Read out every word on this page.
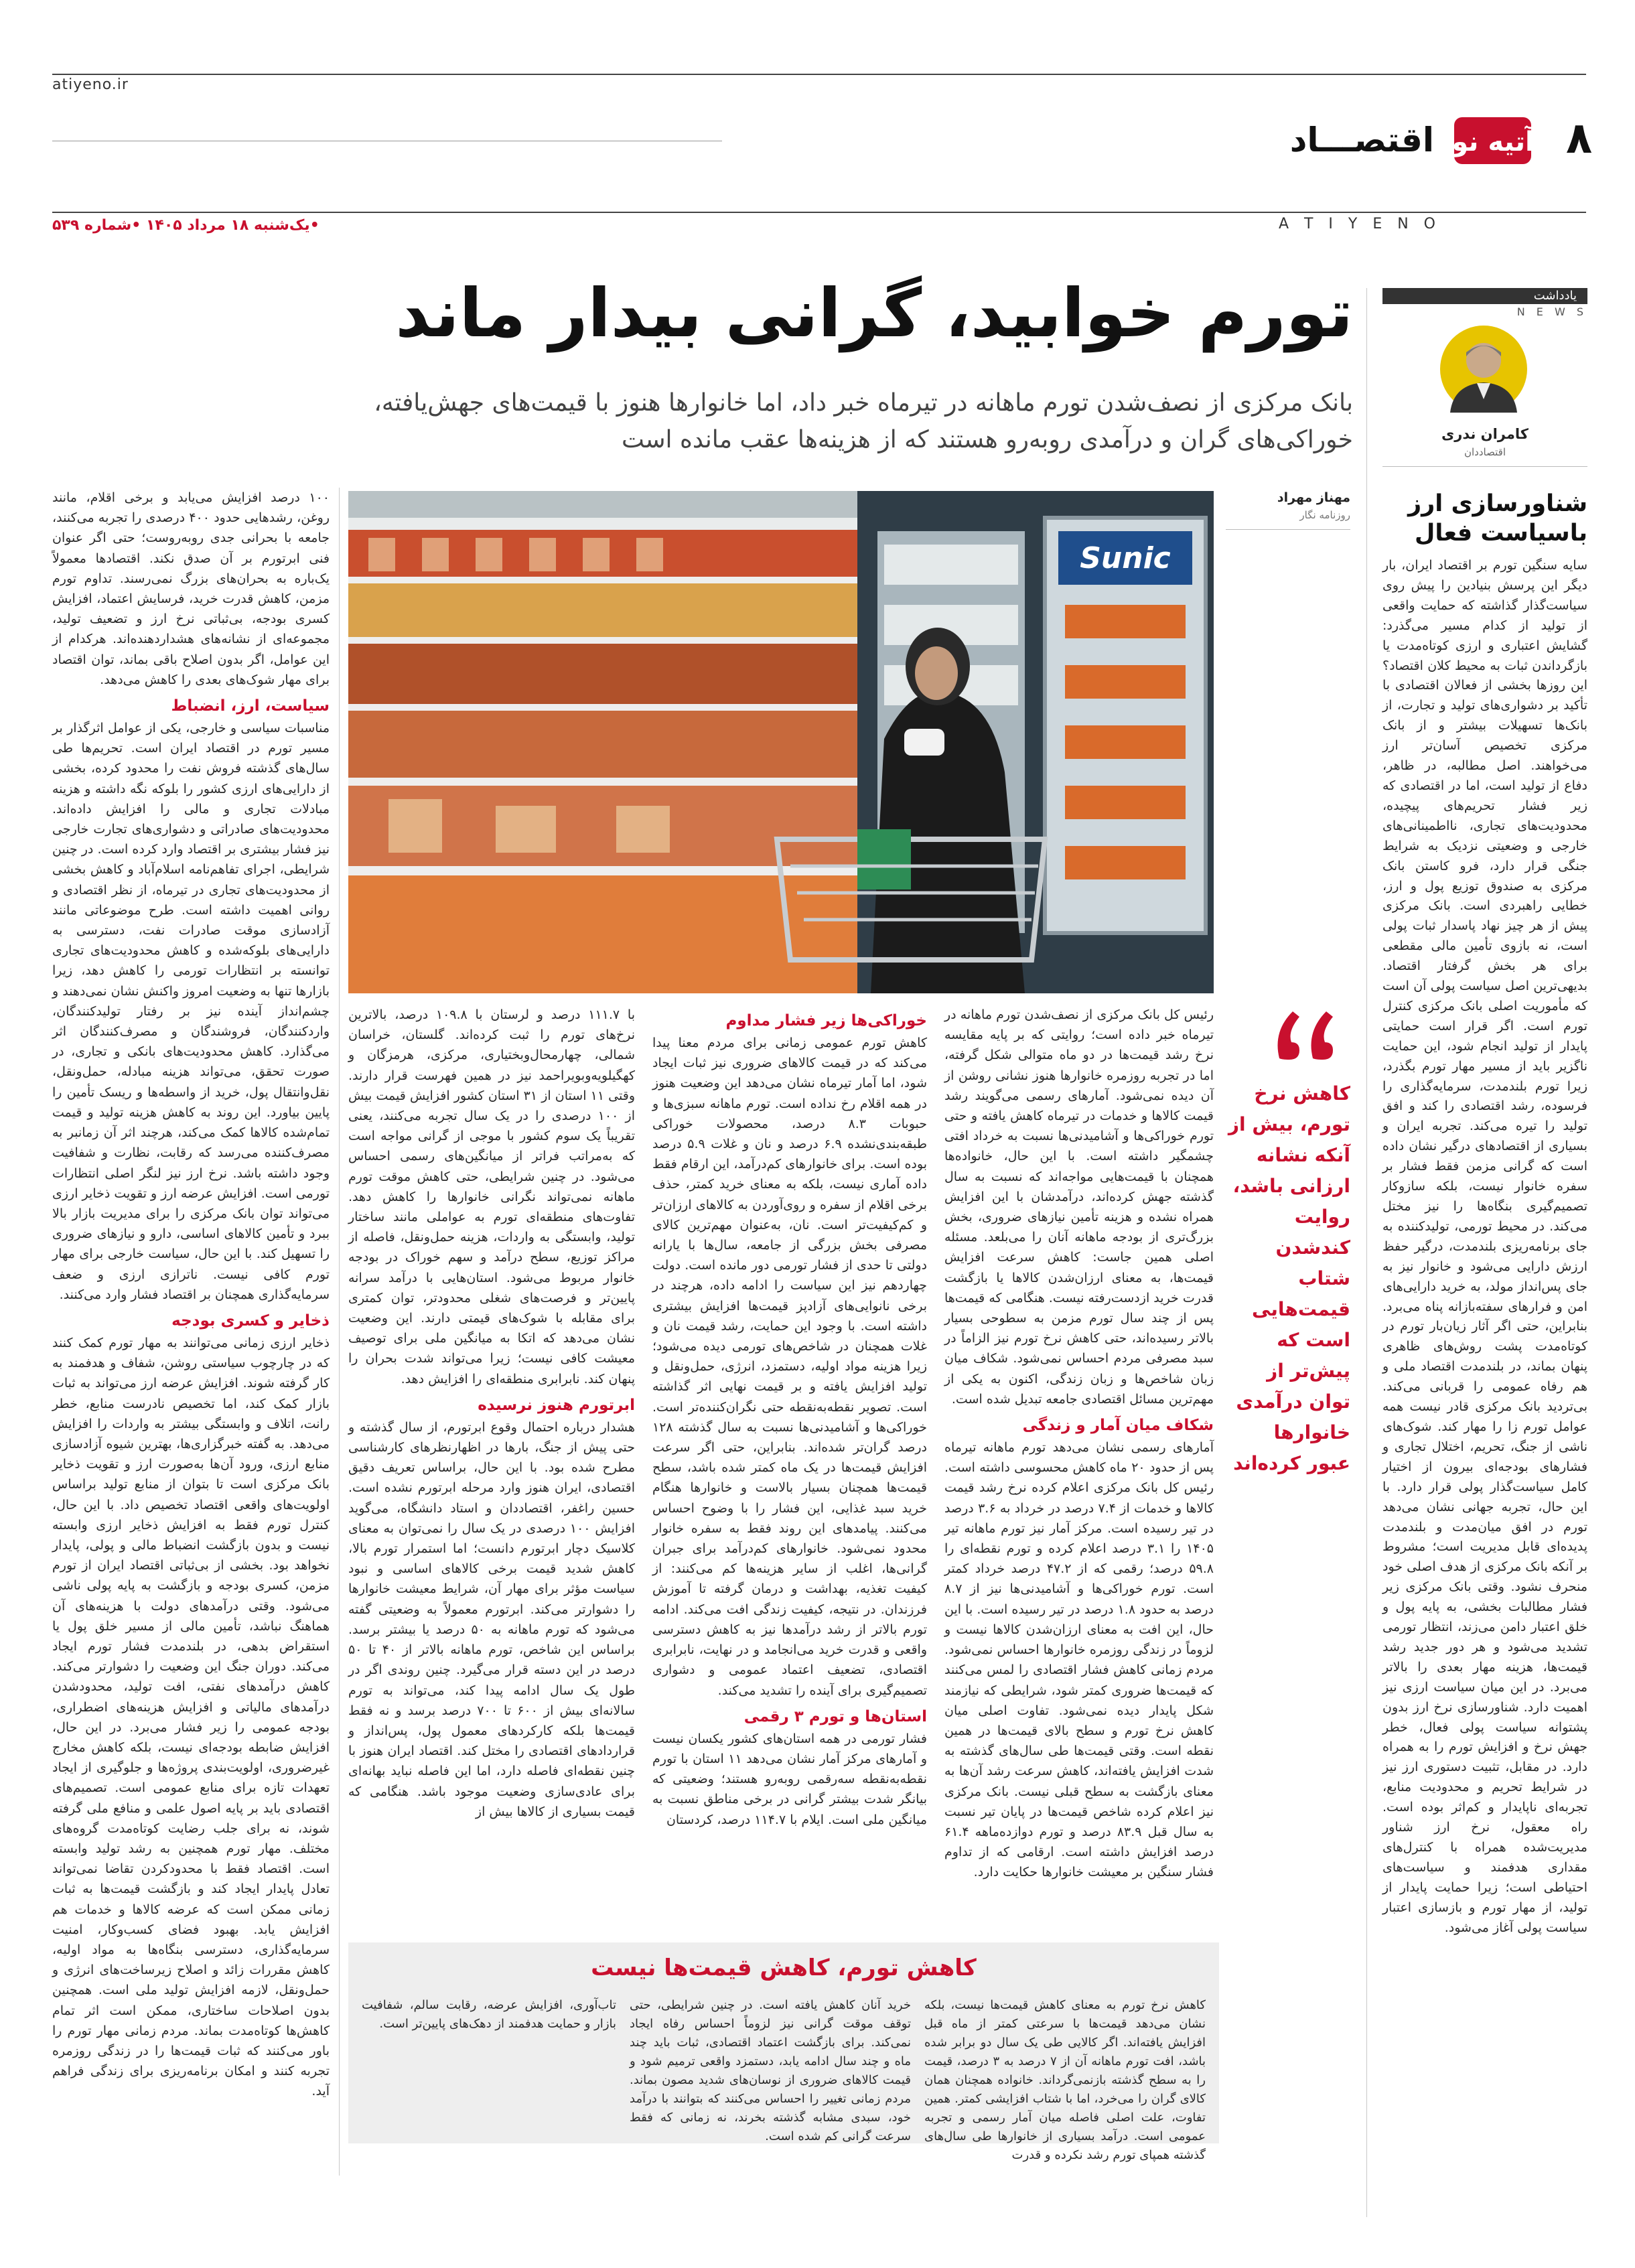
atiyeno.ir
۸
آتیه نو
اقتصـــاد
A T I Y E N O
•یک‌شنبه ۱۸ مرداد ۱۴۰۵ •شماره ۵۳۹
یادداشت
N E W S
کامران ندری
اقتصاددان
شناورسازی ارز
باسیاست فعال
سایه سنگین تورم بر اقتصاد ایران، بار دیگر این پرسش بنیادین را پیش روی سیاست‌گذار گذاشته که حمایت واقعی از تولید از کدام مسیر می‌گذرد: گشایش اعتباری و ارزی کوتاه‌مدت یا بازگرداندن ثبات به محیط کلان اقتصاد؟ این روزها بخشی از فعالان اقتصادی با تأکید بر دشواری‌های تولید و تجارت، از بانک‌ها تسهیلات بیشتر و از بانک مرکزی تخصیص آسان‌تر ارز می‌خواهند. اصل مطالبه، در ظاهر، دفاع از تولید است، اما در اقتصادی که زیر فشار تحریم‌های پیچیده، محدودیت‌های تجاری، نااطمینانی‌های خارجی و وضعیتی نزدیک به شرایط جنگی قرار دارد، فرو کاستن بانک مرکزی به صندوق توزیع پول و ارز، خطایی راهبردی است. بانک مرکزی پیش از هر چیز نهاد پاسدار ثبات پولی است، نه بازوی تأمین مالی مقطعی برای هر بخش گرفتار اقتصاد. بدیهی‌ترین اصل سیاست پولی آن است که مأموریت اصلی بانک مرکزی کنترل تورم است. اگر قرار است حمایتی پایدار از تولید انجام شود، این حمایت ناگزیر باید از مسیر مهار تورم بگذرد، زیرا تورم بلندمدت، سرمایه‌گذاری را فرسوده، رشد اقتصادی را کند و افق تولید را تیره می‌کند. تجربه ایران و بسیاری از اقتصادهای درگیر نشان داده است که گرانی مزمن فقط فشار بر سفره خانوار نیست، بلکه سازوکار تصمیم‌گیری بنگاه‌ها را نیز مختل می‌کند. در محیط تورمی، تولیدکننده به جای برنامه‌ریزی بلندمدت، درگیر حفظ ارزش دارایی می‌شود و خانوار نیز به جای پس‌انداز مولد، به خرید دارایی‌های امن و فرارهای سفته‌بازانه پناه می‌برد. بنابراین، حتی اگر آثار زیان‌بار تورم در کوتاه‌مدت پشت روش‌های ظاهری پنهان بماند، در بلندمدت اقتصاد ملی و هم رفاه عمومی را قربانی می‌کند. بی‌تردید بانک مرکزی قادر نیست همه عوامل تورم زا را مهار کند. شوک‌های ناشی از جنگ، تحریم، اختلال تجاری و فشارهای بودجه‌ای بیرون از اختیار کامل سیاست‌گذار پولی قرار دارد. با این حال، تجربه جهانی نشان می‌دهد تورم در افق میان‌مدت و بلندمدت پدیده‌ای قابل مدیریت است؛ مشروط بر آنکه بانک مرکزی از هدف اصلی خود منحرف نشود. وقتی بانک مرکزی زیر فشار مطالبات بخشی، به پایه پول و خلق اعتبار دامن می‌زند، انتظار تورمی تشدید می‌شود و هر دور جدید رشد قیمت‌ها، هزینه مهار بعدی را بالاتر می‌برد. در این میان سیاست ارزی نیز اهمیت دارد. شناورسازی نرخ ارز بدون پشتوانه سیاست پولی فعال، خطر جهش نرخ و افزایش تورم را به همراه دارد. در مقابل، تثبیت دستوری ارز نیز در شرایط تحریم و محدودیت منابع، تجربه‌ای ناپایدار و کم‌اثر بوده است. راه معقول، نرخ ارز شناور مدیریت‌شده همراه با کنترل‌های مقداری هدفمند و سیاست‌های احتیاطی است؛ زیرا حمایت پایدار از تولید، از مهار تورم و بازسازی اعتبار سیاست پولی آغاز می‌شود.
تورم خوابید، گرانی بیدار ماند
بانک مرکزی از نصف‌شدن تورم ماهانه در تیرماه خبر داد، اما خانوارها هنوز با قیمت‌های جهش‌یافته، خوراکی‌های گران و درآمدی روبه‌رو هستند که از هزینه‌ها عقب مانده است
مهناز مهراد
روزنامه نگار
Sunic
کاهش نرخ تورم، بیش از آنکه نشانه ارزانی باشد، روایت کندشدن شتاب قیمت‌هایی است که پیش‌تر از توان درآمدی خانوارها عبور کرده‌اند

رئیس کل بانک مرکزی از نصف‌شدن تورم ماهانه در تیرماه خبر داده است؛ روایتی که بر پایه مقایسه نرخ رشد قیمت‌ها در دو ماه متوالی شکل گرفته، اما در تجربه روزمره خانوارها هنوز نشانی روشن از آن دیده نمی‌شود. آمارهای رسمی می‌گویند رشد قیمت کالاها و خدمات در تیرماه کاهش یافته و حتی تورم خوراکی‌ها و آشامیدنی‌ها نسبت به خرداد افتی چشمگیر داشته است. با این حال، خانواده‌ها همچنان با قیمت‌هایی مواجه‌اند که نسبت به سال گذشته جهش کرده‌اند، درآمدشان با این افزایش همراه نشده و هزینه تأمین نیازهای ضروری، بخش بزرگ‌تری از بودجه ماهانه آنان را می‌بلعد. مسئله اصلی همین جاست: کاهش سرعت افزایش قیمت‌ها، به معنای ارزان‌شدن کالاها یا بازگشت قدرت خرید ازدست‌رفته نیست. هنگامی که قیمت‌ها پس از چند سال تورم مزمن به سطوحی بسیار بالاتر رسیده‌اند، حتی کاهش نرخ تورم نیز الزاماً در سبد مصرفی مردم احساس نمی‌شود. شکاف میان زبان شاخص‌ها و زبان زندگی، اکنون به یکی از مهم‌ترین مسائل اقتصادی جامعه تبدیل شده است.

شکاف میان آمار و زندگی

آمارهای رسمی نشان می‌دهد تورم ماهانه تیرماه پس از حدود ۲۰ ماه کاهش محسوسی داشته است. رئیس کل بانک مرکزی اعلام کرده نرخ رشد قیمت کالاها و خدمات از ۷.۴ درصد در خرداد به ۳.۶ درصد در تیر رسیده است. مرکز آمار نیز تورم ماهانه تیر ۱۴۰۵ را ۳.۱ درصد اعلام کرده و تورم نقطه‌ای را ۵۹.۸ درصد؛ رقمی که از ۴۷.۲ درصد خرداد کمتر است. تورم خوراکی‌ها و آشامیدنی‌ها نیز از ۸.۷ درصد به حدود ۱.۸ درصد در تیر رسیده است. با این حال، این افت به معنای ارزان‌شدن کالاها نیست و لزوماً در زندگی روزمره خانوارها احساس نمی‌شود. مردم زمانی کاهش فشار اقتصادی را لمس می‌کنند که قیمت‌ها ضروری کمتر شود، شرایطی که نیازمند شکل پایدار دیده نمی‌شود. تفاوت اصلی میان کاهش نرخ تورم و سطح بالای قیمت‌ها در همین نقطه است. وقتی قیمت‌ها طی سال‌های گذشته به شدت افزایش یافته‌اند، کاهش سرعت رشد آن‌ها به معنای بازگشت به سطح قبلی نیست. بانک مرکزی نیز اعلام کرده شاخص قیمت‌ها در پایان تیر نسبت به سال قبل ۸۳.۹ درصد و تورم دوازده‌ماهه ۶۱.۴ درصد افزایش داشته است. ارقامی که از تداوم فشار سنگین بر معیشت خانوارها حکایت دارد.

خوراکی‌ها زیر فشار مداوم

کاهش تورم عمومی زمانی برای مردم معنا پیدا می‌کند که در قیمت کالاهای ضروری نیز ثبات ایجاد شود، اما آمار تیرماه نشان می‌دهد این وضعیت هنوز در همه اقلام رخ نداده است. تورم ماهانه سبزی‌ها و حبوبات ۸.۳ درصد، محصولات خوراکی طبقه‌بندی‌نشده ۶.۹ درصد و نان و غلات ۵.۹ درصد بوده است. برای خانوارهای کم‌درآمد، این ارقام فقط داده آماری نیست، بلکه به معنای خرید کمتر، حذف برخی اقلام از سفره و روی‌آوردن به کالاهای ارزان‌تر و کم‌کیفیت‌تر است. نان، به‌عنوان مهم‌ترین کالای مصرفی بخش بزرگی از جامعه، سال‌ها با یارانه دولتی تا حدی از فشار تورمی دور مانده است. دولت چهاردهم نیز این سیاست را ادامه داده، هرچند در برخی نانوایی‌های آزادپز قیمت‌ها افزایش بیشتری داشته است. با وجود این حمایت، رشد قیمت نان و غلات همچنان در شاخص‌های تورمی دیده می‌شود؛ زیرا هزینه مواد اولیه، دستمزد، انرژی، حمل‌ونقل و تولید افزایش یافته و بر قیمت نهایی اثر گذاشته است. تصویر نقطه‌به‌نقطه حتی نگران‌کننده‌تر است. خوراکی‌ها و آشامیدنی‌ها نسبت به سال گذشته ۱۲۸ درصد گران‌تر شده‌اند. بنابراین، حتی اگر سرعت افزایش قیمت‌ها در یک ماه کمتر شده باشد، سطح قیمت‌ها همچنان بسیار بالاست و خانوارها هنگام خرید سبد غذایی، این فشار را با وضوح احساس می‌کنند. پیامدهای این روند فقط به سفره خانوار محدود نمی‌شود. خانوارهای کم‌درآمد برای جبران گرانی‌ها، اغلب از سایر هزینه‌ها کم می‌کنند: از کیفیت تغذیه، بهداشت و درمان گرفته تا آموزش فرزندان. در نتیجه، کیفیت زندگی افت می‌کند. ادامه تورم بالاتر از رشد درآمدها نیز به کاهش دسترسی واقعی و قدرت خرید می‌انجامد و در نهایت، نابرابری اقتصادی، تضعیف اعتماد عمومی و دشواری تصمیم‌گیری برای آینده را تشدید می‌کند.

استان‌ها و تورم ۳ رقمی

فشار تورمی در همه استان‌های کشور یکسان نیست و آمارهای مرکز آمار نشان می‌دهد ۱۱ استان با تورم نقطه‌به‌نقطه سه‌رقمی روبه‌رو هستند؛ وضعیتی که بیانگر شدت بیشتر گرانی در برخی مناطق نسبت به میانگین ملی است. ایلام با ۱۱۴.۷ درصد، کردستان

با ۱۱۱.۷ درصد و لرستان با ۱۰۹.۸ درصد، بالاترین نرخ‌های تورم را ثبت کرده‌اند. گلستان، خراسان شمالی، چهارمحال‌وبختیاری، مرکزی، هرمزگان و کهگیلویه‌وبویراحمد نیز در همین فهرست قرار دارند. وقتی ۱۱ استان از ۳۱ استان کشور افزایش قیمت بیش از ۱۰۰ درصدی را در یک سال تجربه می‌کنند، یعنی تقریباً یک سوم کشور با موجی از گرانی مواجه است که به‌مراتب فراتر از میانگین‌های رسمی احساس می‌شود. در چنین شرایطی، حتی کاهش موقت تورم ماهانه نمی‌تواند نگرانی خانوارها را کاهش دهد. تفاوت‌های منطقه‌ای تورم به عواملی مانند ساختار تولید، وابستگی به واردات، هزینه حمل‌ونقل، فاصله از مراکز توزیع، سطح درآمد و سهم خوراک در بودجه خانوار مربوط می‌شود. استان‌هایی با درآمد سرانه پایین‌تر و فرصت‌های شغلی محدودتر، توان کمتری برای مقابله با شوک‌های قیمتی دارند. این وضعیت نشان می‌دهد که اتکا به میانگین ملی برای توصیف معیشت کافی نیست؛ زیرا می‌تواند شدت بحران را پنهان کند. نابرابری منطقه‌ای را افزایش دهد.

ابرتورم هنوز نرسیده

هشدار درباره احتمال وقوع ابرتورم، از سال گذشته و حتی پیش از جنگ، بارها در اظهارنظرهای کارشناسی مطرح شده بود. با این حال، براساس تعریف دقیق اقتصادی، ایران هنوز وارد مرحله ابرتورم نشده است. حسین راغفر، اقتصاددان و استاد دانشگاه، می‌گوید افزایش ۱۰۰ درصدی در یک سال را نمی‌توان به معنای کلاسیک دچار ابرتورم دانست؛ اما استمرار تورم بالا، کاهش شدید قیمت برخی کالاهای اساسی و نبود سیاست مؤثر برای مهار آن، شرایط معیشت خانوارها را دشوارتر می‌کند. ابرتورم معمولاً به وضعیتی گفته می‌شود که تورم ماهانه به ۵۰ درصد یا بیشتر برسد. براساس این شاخص، تورم ماهانه بالاتر از ۴۰ تا ۵۰ درصد در این دسته قرار می‌گیرد. چنین روندی اگر در طول یک سال ادامه پیدا کند، می‌تواند به تورم سالانه‌ای بیش از ۶۰۰ تا ۷۰۰ درصد برسد و نه فقط قیمت‌ها بلکه کارکردهای معمول پول، پس‌انداز و قراردادهای اقتصادی را مختل کند. اقتصاد ایران هنوز با چنین نقطه‌ای فاصله دارد، اما این فاصله نباید بهانه‌ای برای عادی‌سازی وضعیت موجود باشد. هنگامی که قیمت بسیاری از کالاها بیش از

۱۰۰ درصد افزایش می‌یابد و برخی اقلام، مانند روغن، رشدهایی حدود ۴۰۰ درصدی را تجربه می‌کنند، جامعه با بحرانی جدی روبه‌روست؛ حتی اگر عنوان فنی ابرتورم بر آن صدق نکند. اقتصادها معمولاً یک‌باره به بحران‌های بزرگ نمی‌رسند. تداوم تورم مزمن، کاهش قدرت خرید، فرسایش اعتماد، افزایش کسری بودجه، بی‌ثباتی نرخ ارز و تضعیف تولید، مجموعه‌ای از نشانه‌های هشداردهنده‌اند. هرکدام از این عوامل، اگر بدون اصلاح باقی بماند، توان اقتصاد برای مهار شوک‌های بعدی را کاهش می‌دهد.

سیاست، ارز، انضباط

مناسبات سیاسی و خارجی، یکی از عوامل اثرگذار بر مسیر تورم در اقتصاد ایران است. تحریم‌ها طی سال‌های گذشته فروش نفت را محدود کرده، بخشی از دارایی‌های ارزی کشور را بلوکه نگه داشته و هزینه مبادلات تجاری و مالی را افزایش داده‌اند. محدودیت‌های صادراتی و دشواری‌های تجارت خارجی نیز فشار بیشتری بر اقتصاد وارد کرده است. در چنین شرایطی، اجرای تفاهم‌نامه اسلام‌آباد و کاهش بخشی از محدودیت‌های تجاری در تیرماه، از نظر اقتصادی و روانی اهمیت داشته است. طرح موضوعاتی مانند آزادسازی موقت صادرات نفت، دسترسی به دارایی‌های بلوکه‌شده و کاهش محدودیت‌های تجاری توانسته بر انتظارات تورمی را کاهش دهد، زیرا بازارها تنها به وضعیت امروز واکنش نشان نمی‌دهند و چشم‌انداز آینده نیز بر رفتار تولیدکنندگان، واردکنندگان، فروشندگان و مصرف‌کنندگان اثر می‌گذارد. کاهش محدودیت‌های بانکی و تجاری، در صورت تحقق، می‌تواند هزینه مبادله، حمل‌ونقل، نقل‌وانتقال پول، خرید از واسطه‌ها و ریسک تأمین را پایین بیاورد. این روند به کاهش هزینه تولید و قیمت تمام‌شده کالاها کمک می‌کند، هرچند اثر آن زمانبر به مصرف‌کننده می‌رسد که رقابت، نظارت و شفافیت وجود داشته باشد. نرخ ارز نیز لنگر اصلی انتظارات تورمی است. افزایش عرضه ارز و تقویت ذخایر ارزی می‌تواند توان بانک مرکزی را برای مدیریت بازار بالا ببرد و تأمین کالاهای اساسی، دارو و نیازهای ضروری را تسهیل کند. با این حال، سیاست خارجی برای مهار تورم کافی نیست. ناترازی ارزی و ضعف سرمایه‌گذاری همچنان بر اقتصاد فشار وارد می‌کنند.

ذخایر و کسری بودجه

ذخایر ارزی زمانی می‌توانند به مهار تورم کمک کنند که در چارچوب سیاستی روشن، شفاف و هدفمند به کار گرفته شوند. افزایش عرضه ارز می‌تواند به ثبات بازار کمک کند، اما تخصیص نادرست منابع، خطر رانت، اتلاف و وابستگی بیشتر به واردات را افزایش می‌دهد. به گفته خبرگزاری‌ها، بهترین شیوه آزادسازی منابع ارزی، ورود آن‌ها به‌صورت ارز و تقویت ذخایر بانک مرکزی است تا بتوان از منابع تولید براساس اولویت‌های واقعی اقتصاد تخصیص داد. با این حال، کنترل تورم فقط به افزایش ذخایر ارزی وابسته نیست و بدون بازگشت انضباط مالی و پولی، پایدار نخواهد بود. بخشی از بی‌ثباتی اقتصاد ایران از تورم مزمن، کسری بودجه و بازگشت به پایه پولی ناشی می‌شود. وقتی درآمدهای دولت با هزینه‌های آن هماهنگ نباشد، تأمین مالی از مسیر خلق پول یا استقراض بدهی، در بلندمدت فشار تورم ایجاد می‌کند. دوران جنگ این وضعیت را دشوارتر می‌کند. کاهش درآمدهای نفتی، افت تولید، محدودشدن درآمدهای مالیاتی و افزایش هزینه‌های اضطراری، بودجه عمومی را زیر فشار می‌برد. در این حال، افزایش ضابطه بودجه‌ای نیست، بلکه کاهش مخارج غیرضروری، اولویت‌بندی پروژه‌ها و جلوگیری از ایجاد تعهدات تازه برای منابع عمومی است. تصمیم‌های اقتصادی باید بر پایه اصول علمی و منافع ملی گرفته شوند، نه برای جلب رضایت کوتاه‌مدت گروه‌های مختلف. مهار تورم همچنین به رشد تولید وابسته است. اقتصاد فقط با محدودکردن تقاضا نمی‌تواند تعادل پایدار ایجاد کند و بازگشت قیمت‌ها به ثبات زمانی ممکن است که عرضه کالاها و خدمات هم افزایش یابد. بهبود فضای کسب‌وکار، امنیت سرمایه‌گذاری، دسترسی بنگاه‌ها به مواد اولیه، کاهش مقررات زائد و اصلاح زیرساخت‌های انرژی و حمل‌ونقل، لازمه افزایش تولید ملی است. همچنین بدون اصلاحات ساختاری، ممکن است اثر تمام کاهش‌ها کوتاه‌مدت بماند. مردم زمانی مهار تورم را باور می‌کنند که ثبات قیمت‌ها را در زندگی روزمره تجربه کنند و امکان برنامه‌ریزی برای زندگی فراهم آید.

کاهش تورم، کاهش قیمت‌ها نیست
کاهش نرخ تورم به معنای کاهش قیمت‌ها نیست، بلکه نشان می‌دهد قیمت‌ها با سرعتی کمتر از ماه قبل افزایش یافته‌اند. اگر کالایی طی یک سال دو برابر شده باشد، افت تورم ماهانه آن از ۷ درصد به ۳ درصد، قیمت را به سطح گذشته بازنمی‌گرداند. خانواده همچنان همان کالای گران را می‌خرد، اما با شتاب افزایشی کمتر. همین تفاوت، علت اصلی فاصله میان آمار رسمی و تجربه عمومی است. درآمد بسیاری از خانوارها طی سال‌های گذشته همپای تورم رشد نکرده و قدرت
خرید آنان کاهش یافته است. در چنین شرایطی، حتی توقف موقت گرانی نیز لزوماً احساس رفاه ایجاد نمی‌کند. برای بازگشت اعتماد اقتصادی، ثبات باید چند ماه و چند سال ادامه یابد، دستمزد واقعی ترمیم شود و قیمت کالاهای ضروری از نوسان‌های شدید مصون بماند. مردم زمانی تغییر را احساس می‌کنند که بتوانند با درآمد خود، سبدی مشابه گذشته بخرند، نه زمانی که فقط سرعت گرانی کم شده است.
تاب‌آوری، افزایش عرضه، رقابت سالم، شفافیت بازار و حمایت هدفمند از دهک‌های پایین‌تر است.
